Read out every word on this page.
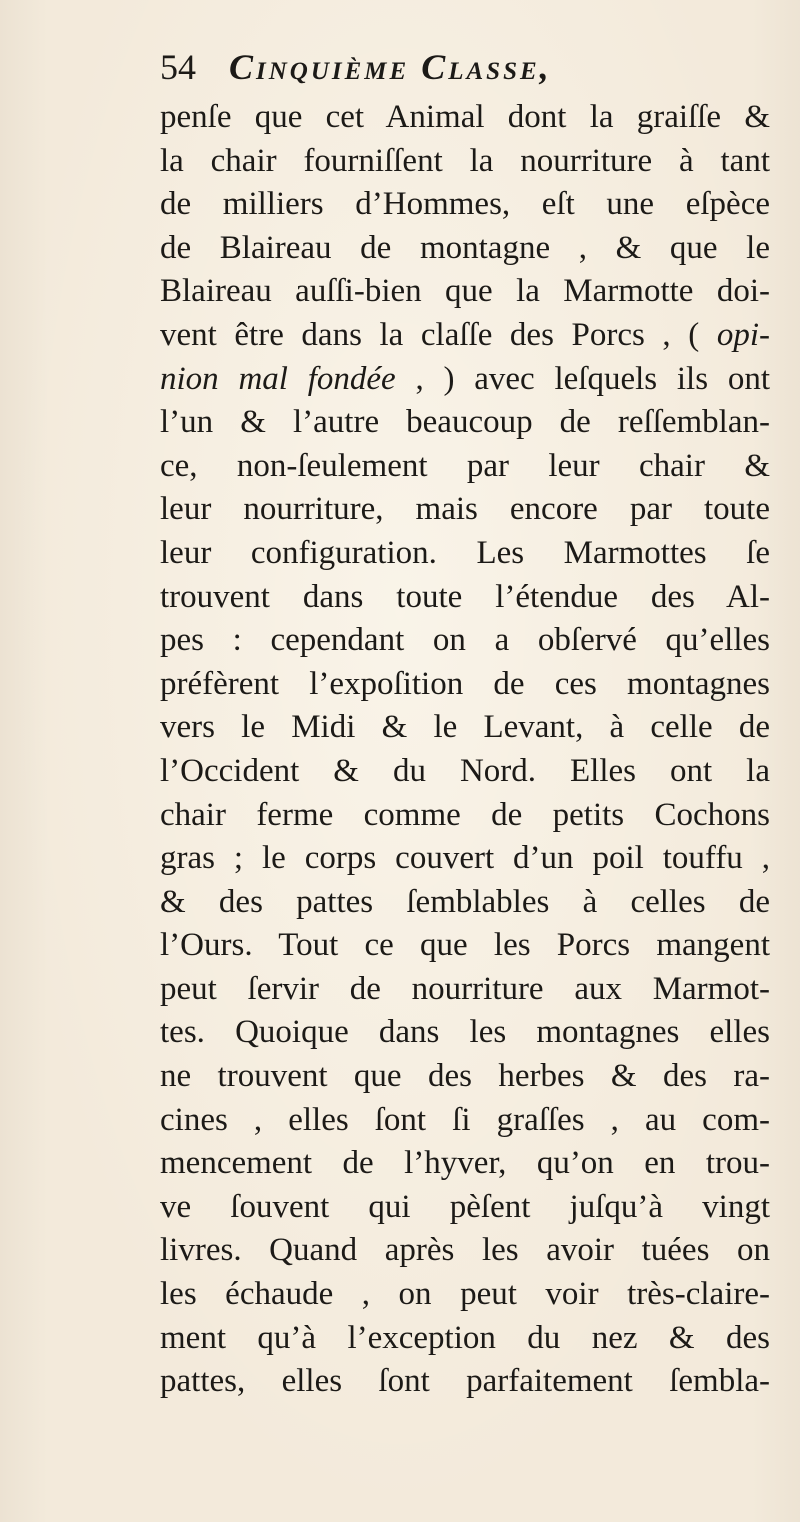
54 Cinquième Classe,
penſe que cet Animal dont la graiſſe &
la chair fourniſſent la nourriture à tant
de milliers d’Hommes, eſt une eſpèce
de Blaireau de montagne , & que le
Blaireau auſſi-bien que la Marmotte doi-
vent être dans la claſſe des Porcs , ( opi-
nion mal fondée , ) avec leſquels ils ont
l’un & l’autre beaucoup de reſſemblan-
ce, non-ſeulement par leur chair &
leur nourriture, mais encore par toute
leur configuration. Les Marmottes ſe
trouvent dans toute l’étendue des Al-
pes : cependant on a obſervé qu’elles
préfèrent l’expoſition de ces montagnes
vers le Midi & le Levant, à celle de
l’Occident & du Nord. Elles ont la
chair ferme comme de petits Cochons
gras ; le corps couvert d’un poil touffu ,
& des pattes ſemblables à celles de
l’Ours. Tout ce que les Porcs mangent
peut ſervir de nourriture aux Marmot-
tes. Quoique dans les montagnes elles
ne trouvent que des herbes & des ra-
cines , elles ſont ſi graſſes , au com-
mencement de l’hyver, qu’on en trou-
ve ſouvent qui pèſent juſqu’à vingt
livres. Quand après les avoir tuées on
les échaude , on peut voir très-claire-
ment qu’à l’exception du nez & des
pattes, elles ſont parfaitement ſembla-
